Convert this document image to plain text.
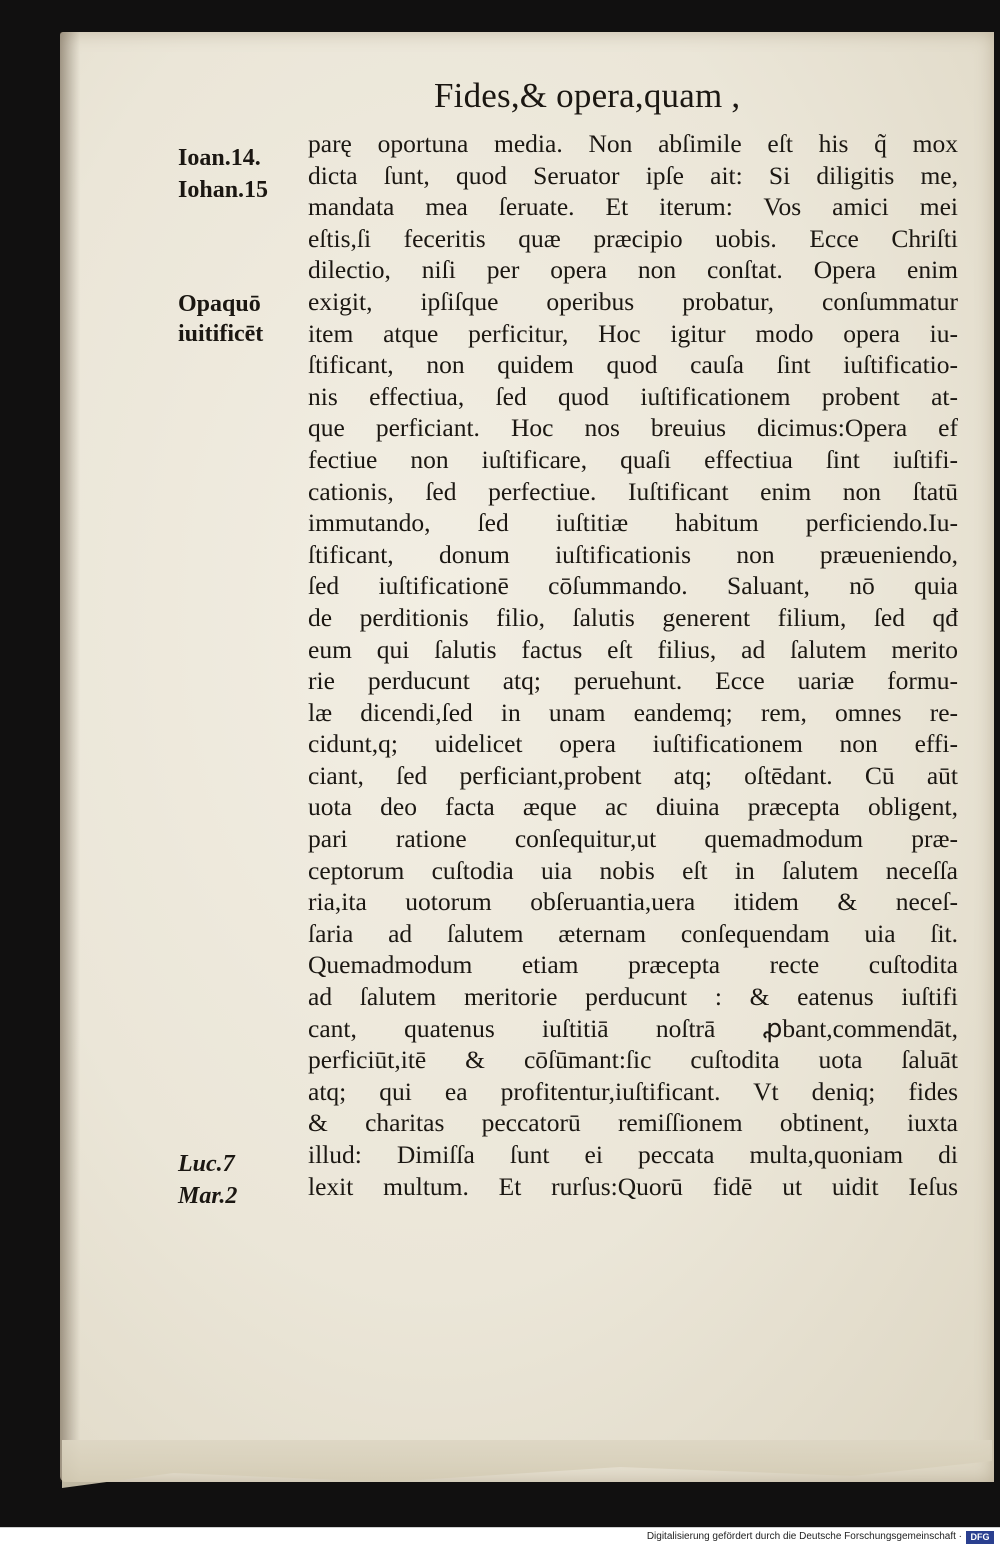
Fides,& opera,quam ,
Ioan.14.
Iohan.15
Opaquō
iuitificēt
Luc.7
Mar.2
parę oportuna media. Non abſimile eſt his q̃ mox
dicta ſunt, quod Seruator ipſe ait: Si diligitis me,
mandata mea ſeruate. Et iterum: Vos amici mei
eſtis,ſi feceritis quæ præcipio uobis. Ecce Chriſti
dilectio, niſi per opera non conſtat. Opera enim
exigit, ipſiſque operibus probatur, conſummatur
item atque perficitur, Hoc igitur modo opera iu-
ſtificant, non quidem quod cauſa ſint iuſtificatio-
nis effectiua, ſed quod iuſtificationem probent at-
que perficiant. Hoc nos breuius dicimus:Opera ef
fectiue non iuſtificare, quaſi effectiua ſint iuſtifi-
cationis, ſed perfectiue. Iuſtificant enim non ſtatū
immutando, ſed iuſtitiæ habitum perficiendo.Iu-
ſtificant, donum iuſtificationis non præueniendo,
ſed iuſtificationē cōſummando. Saluant, nō quia
de perditionis filio, ſalutis generent filium, ſed qđ
eum qui ſalutis factus eſt filius, ad ſalutem merito
rie perducunt atq; peruehunt. Ecce uariæ formu-
læ dicendi,ſed in unam eandemq; rem, omnes re-
cidunt,q; uidelicet opera iuſtificationem non effi-
ciant, ſed perficiant,probent atq; oſtēdant. Cū aūt
uota deo facta æque ac diuina præcepta obligent,
pari ratione conſequitur,ut quemadmodum præ-
ceptorum cuſtodia uia nobis eſt in ſalutem neceſſa
ria,ita uotorum obſeruantia,uera itidem & neceſ-
ſaria ad ſalutem æternam conſequendam uia ſit.
Quemadmodum etiam præcepta recte cuſtodita
ad ſalutem meritorie perducunt : & eatenus iuſtifi
cant, quatenus iuſtitiā noſtrā ꝓbant,commendāt,
perficiūt,itē & cōſūmant:ſic cuſtodita uota ſaluāt
atq; qui ea profitentur,iuſtificant. Vt deniq; fides
& charitas peccatorū remiſſionem obtinent, iuxta
illud: Dimiſſa ſunt ei peccata multa,quoniam di
lexit multum. Et rurſus:Quorū fidē ut uidit Ieſus
Digitalisierung gefördert durch die Deutsche Forschungsgemeinschaft · DFG
